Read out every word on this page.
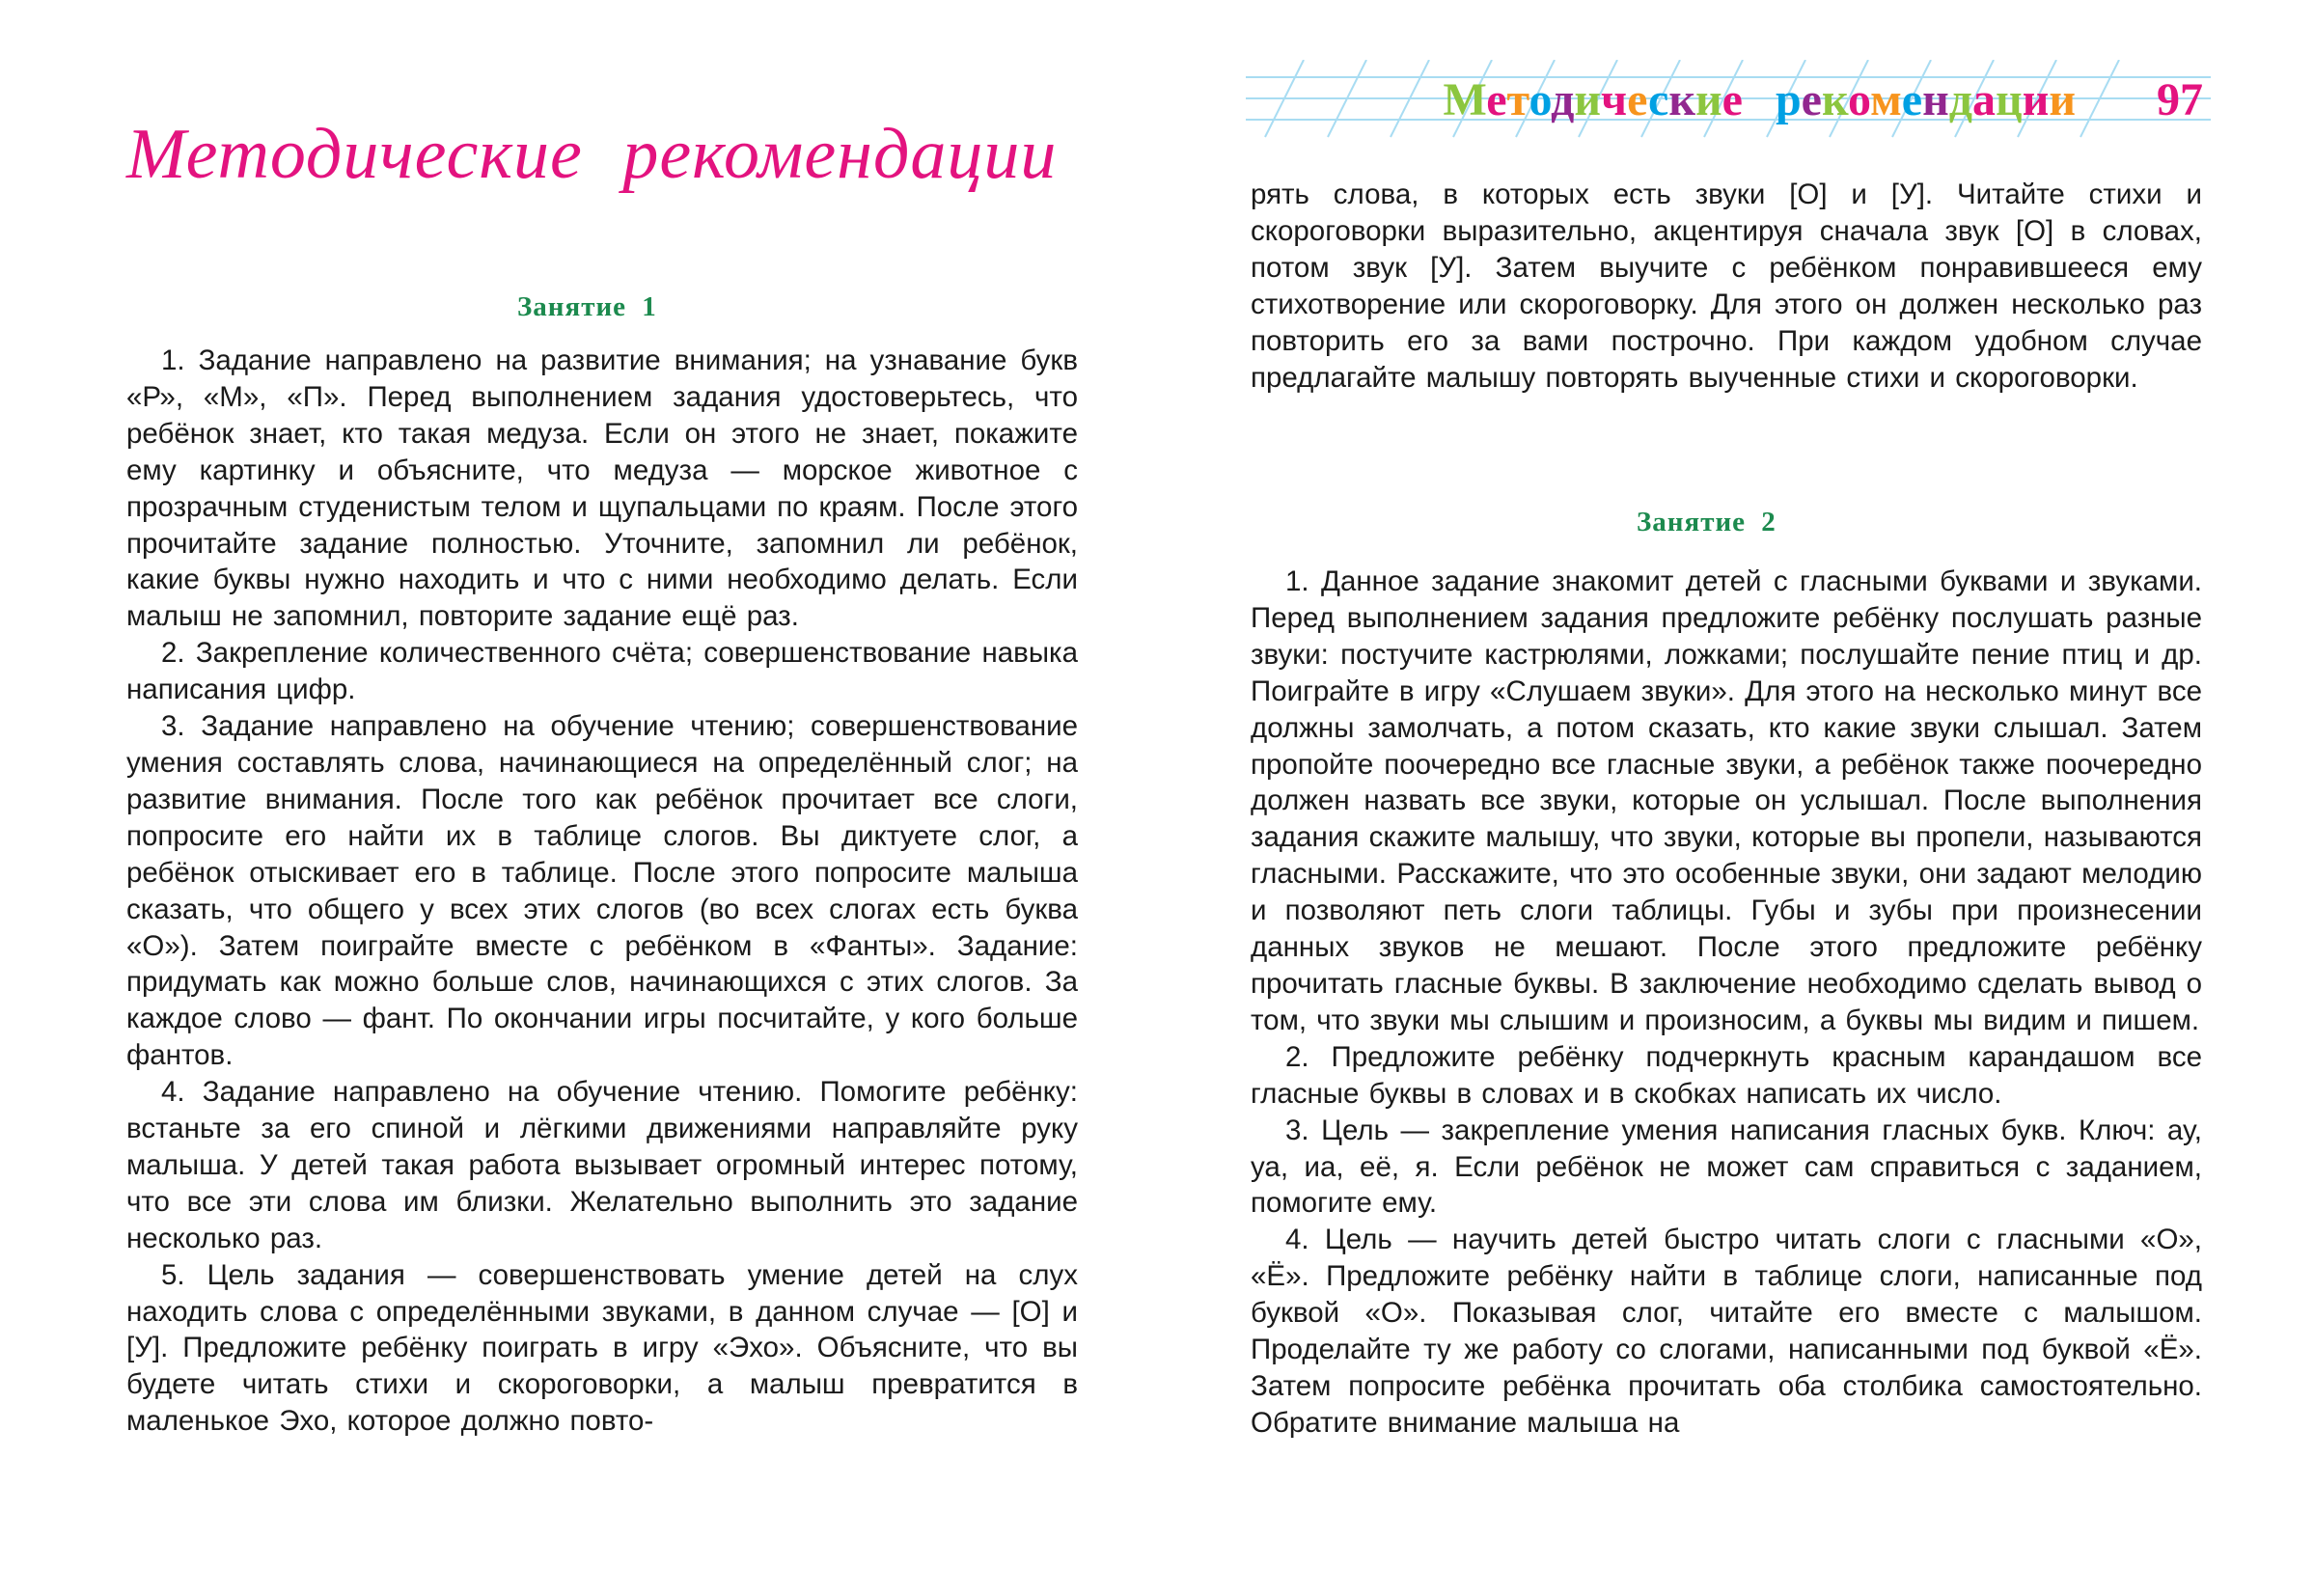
Методические рекомендации
Занятие 1

1. Задание направлено на развитие внимания; на узнавание букв «Р», «М», «П». Перед выполнением задания удостоверьтесь, что ребёнок знает, кто такая медуза. Если он этого не знает, покажите ему картинку и объясните, что медуза — морское животное с прозрачным студенистым телом и щупальцами по краям. После этого прочитайте задание полностью. Уточните, запомнил ли ребёнок, какие буквы нужно находить и что с ними необходимо делать. Если малыш не запомнил, повторите задание ещё раз.

2. Закрепление количественного счёта; совершенствование навыка написания цифр.

3. Задание направлено на обучение чтению; совершенствование умения составлять слова, начинающиеся на определённый слог; на развитие внимания. После того как ребёнок прочитает все слоги, попросите его найти их в таблице слогов. Вы диктуете слог, а ребёнок отыскивает его в таблице. После этого попросите малыша сказать, что общего у всех этих слогов (во всех слогах есть буква «О»). Затем поиграйте вместе с ребёнком в «Фанты». Задание: придумать как можно больше слов, начинающихся с этих слогов. За каждое слово — фант. По окончании игры посчитайте, у кого больше фантов.

4. Задание направлено на обучение чтению. Помогите ребёнку: встаньте за его спиной и лёгкими движениями направляйте руку малыша. У детей такая работа вызывает огромный интерес потому, что все эти слова им близки. Желательно выполнить это задание несколько раз.

5. Цель задания — совершенствовать умение детей на слух находить слова с определёнными звуками, в данном случае — [О] и [У]. Предложите ребёнку поиграть в игру «Эхо». Объясните, что вы будете читать стихи и скороговорки, а малыш превратится в маленькое Эхо, которое должно повто-

Методические рекомендации 97

рять слова, в которых есть звуки [О] и [У]. Читайте стихи и скороговорки выразительно, акцентируя сначала звук [О] в словах, потом звук [У]. Затем выучите с ребёнком понравившееся ему стихотворение или скороговорку. Для этого он должен несколько раз повторить его за вами построчно. При каждом удобном случае предлагайте малышу повторять выученные стихи и скороговорки.

Занятие 2

1. Данное задание знакомит детей с гласными буквами и звуками. Перед выполнением задания предложите ребёнку послушать разные звуки: постучите кастрюлями, ложками; послушайте пение птиц и др. Поиграйте в игру «Слушаем звуки». Для этого на несколько минут все должны замолчать, а потом сказать, кто какие звуки слышал. Затем пропойте поочередно все гласные звуки, а ребёнок также поочередно должен назвать все звуки, которые он услышал. После выполнения задания скажите малышу, что звуки, которые вы пропели, называются гласными. Расскажите, что это особенные звуки, они задают мелодию и позволяют петь слоги таблицы. Губы и зубы при произнесении данных звуков не мешают. После этого предложите ребёнку прочитать гласные буквы. В заключение необходимо сделать вывод о том, что звуки мы слышим и произносим, а буквы мы видим и пишем.

2. Предложите ребёнку подчеркнуть красным карандашом все гласные буквы в словах и в скобках написать их число.

3. Цель — закрепление умения написания гласных букв. Ключ: ау, уа, иа, её, я. Если ребёнок не может сам справиться с заданием, помогите ему.

4. Цель — научить детей быстро читать слоги с гласными «О», «Ё». Предложите ребёнку найти в таблице слоги, написанные под буквой «О». Показывая слог, читайте его вместе с малышом. Проделайте ту же работу со слогами, написанными под буквой «Ё». Затем попросите ребёнка прочитать оба столбика самостоятельно. Обратите внимание малыша на
